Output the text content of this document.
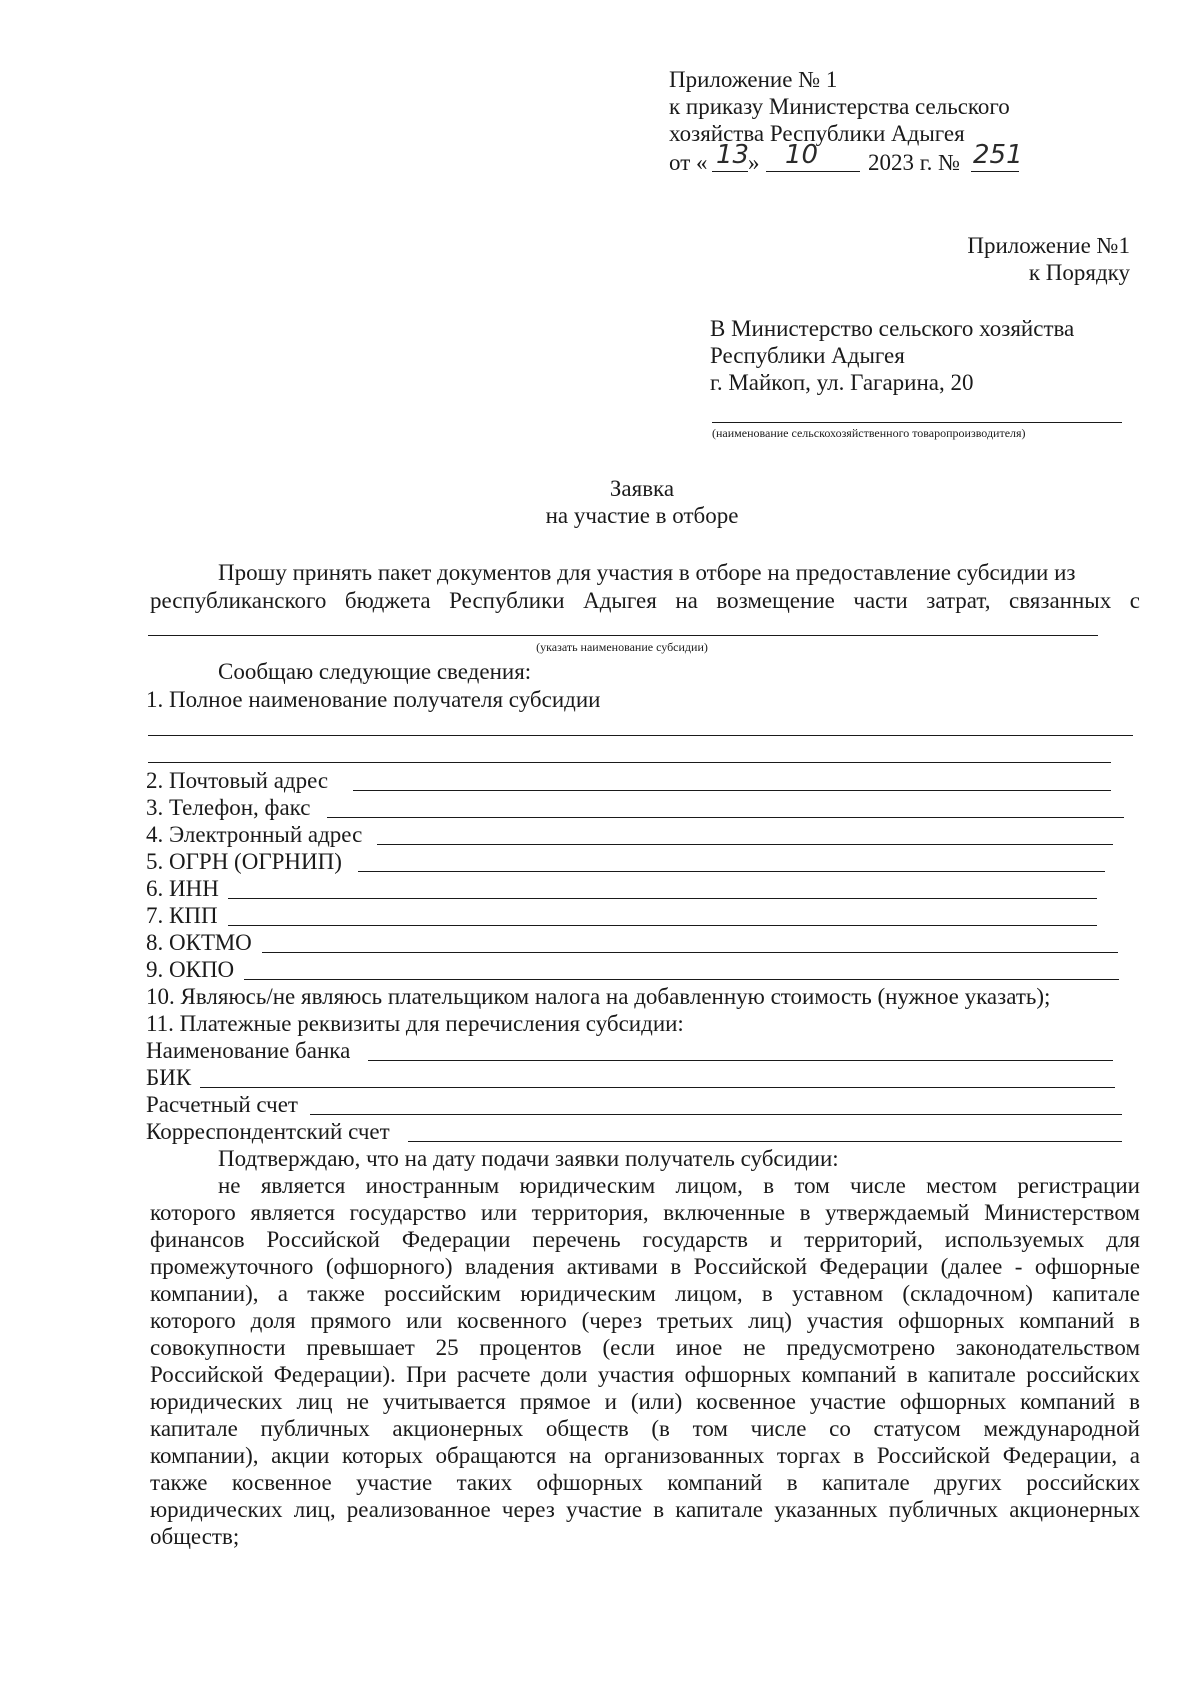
Приложение № 1
к приказу Министерства сельского
хозяйства Республики Адыгея
от « 13
» 10 2023 г. № 251
Приложение №1
к Порядку
В Министерство сельского хозяйства
Республики Адыгея
г. Майкоп, ул. Гагарина, 20
(наименование сельскохозяйственного товаропроизводителя)
Заявка
на участие в отборе
Прошу принять пакет документов для участия в отборе на предоставление субсидии из
республиканского бюджета Республики Адыгея на возмещение части затрат, связанных с
(указать наименование субсидии)
Сообщаю следующие сведения:
1. Полное наименование получателя субсидии
2. Почтовый адрес
3. Телефон, факс
4. Электронный адрес
5. ОГРН (ОГРНИП)
6. ИНН
7. КПП
8. ОКТМО
9. ОКПО
10. Являюсь/не являюсь плательщиком налога на добавленную стоимость (нужное указать);
11. Платежные реквизиты для перечисления субсидии:
Наименование банка
БИК
Расчетный счет
Корреспондентский счет
Подтверждаю, что на дату подачи заявки получатель субсидии:
не является иностранным юридическим лицом, в том числе местом регистрации
которого является государство или территория, включенные в утверждаемый Министерством
финансов Российской Федерации перечень государств и территорий, используемых для
промежуточного (офшорного) владения активами в Российской Федерации (далее - офшорные
компании), а также российским юридическим лицом, в уставном (складочном) капитале
которого доля прямого или косвенного (через третьих лиц) участия офшорных компаний в
совокупности превышает 25 процентов (если иное не предусмотрено законодательством
Российской Федерации). При расчете доли участия офшорных компаний в капитале российских
юридических лиц не учитывается прямое и (или) косвенное участие офшорных компаний в
капитале публичных акционерных обществ (в том числе со статусом международной
компании), акции которых обращаются на организованных торгах в Российской Федерации, а
также косвенное участие таких офшорных компаний в капитале других российских
юридических лиц, реализованное через участие в капитале указанных публичных акционерных
обществ;
